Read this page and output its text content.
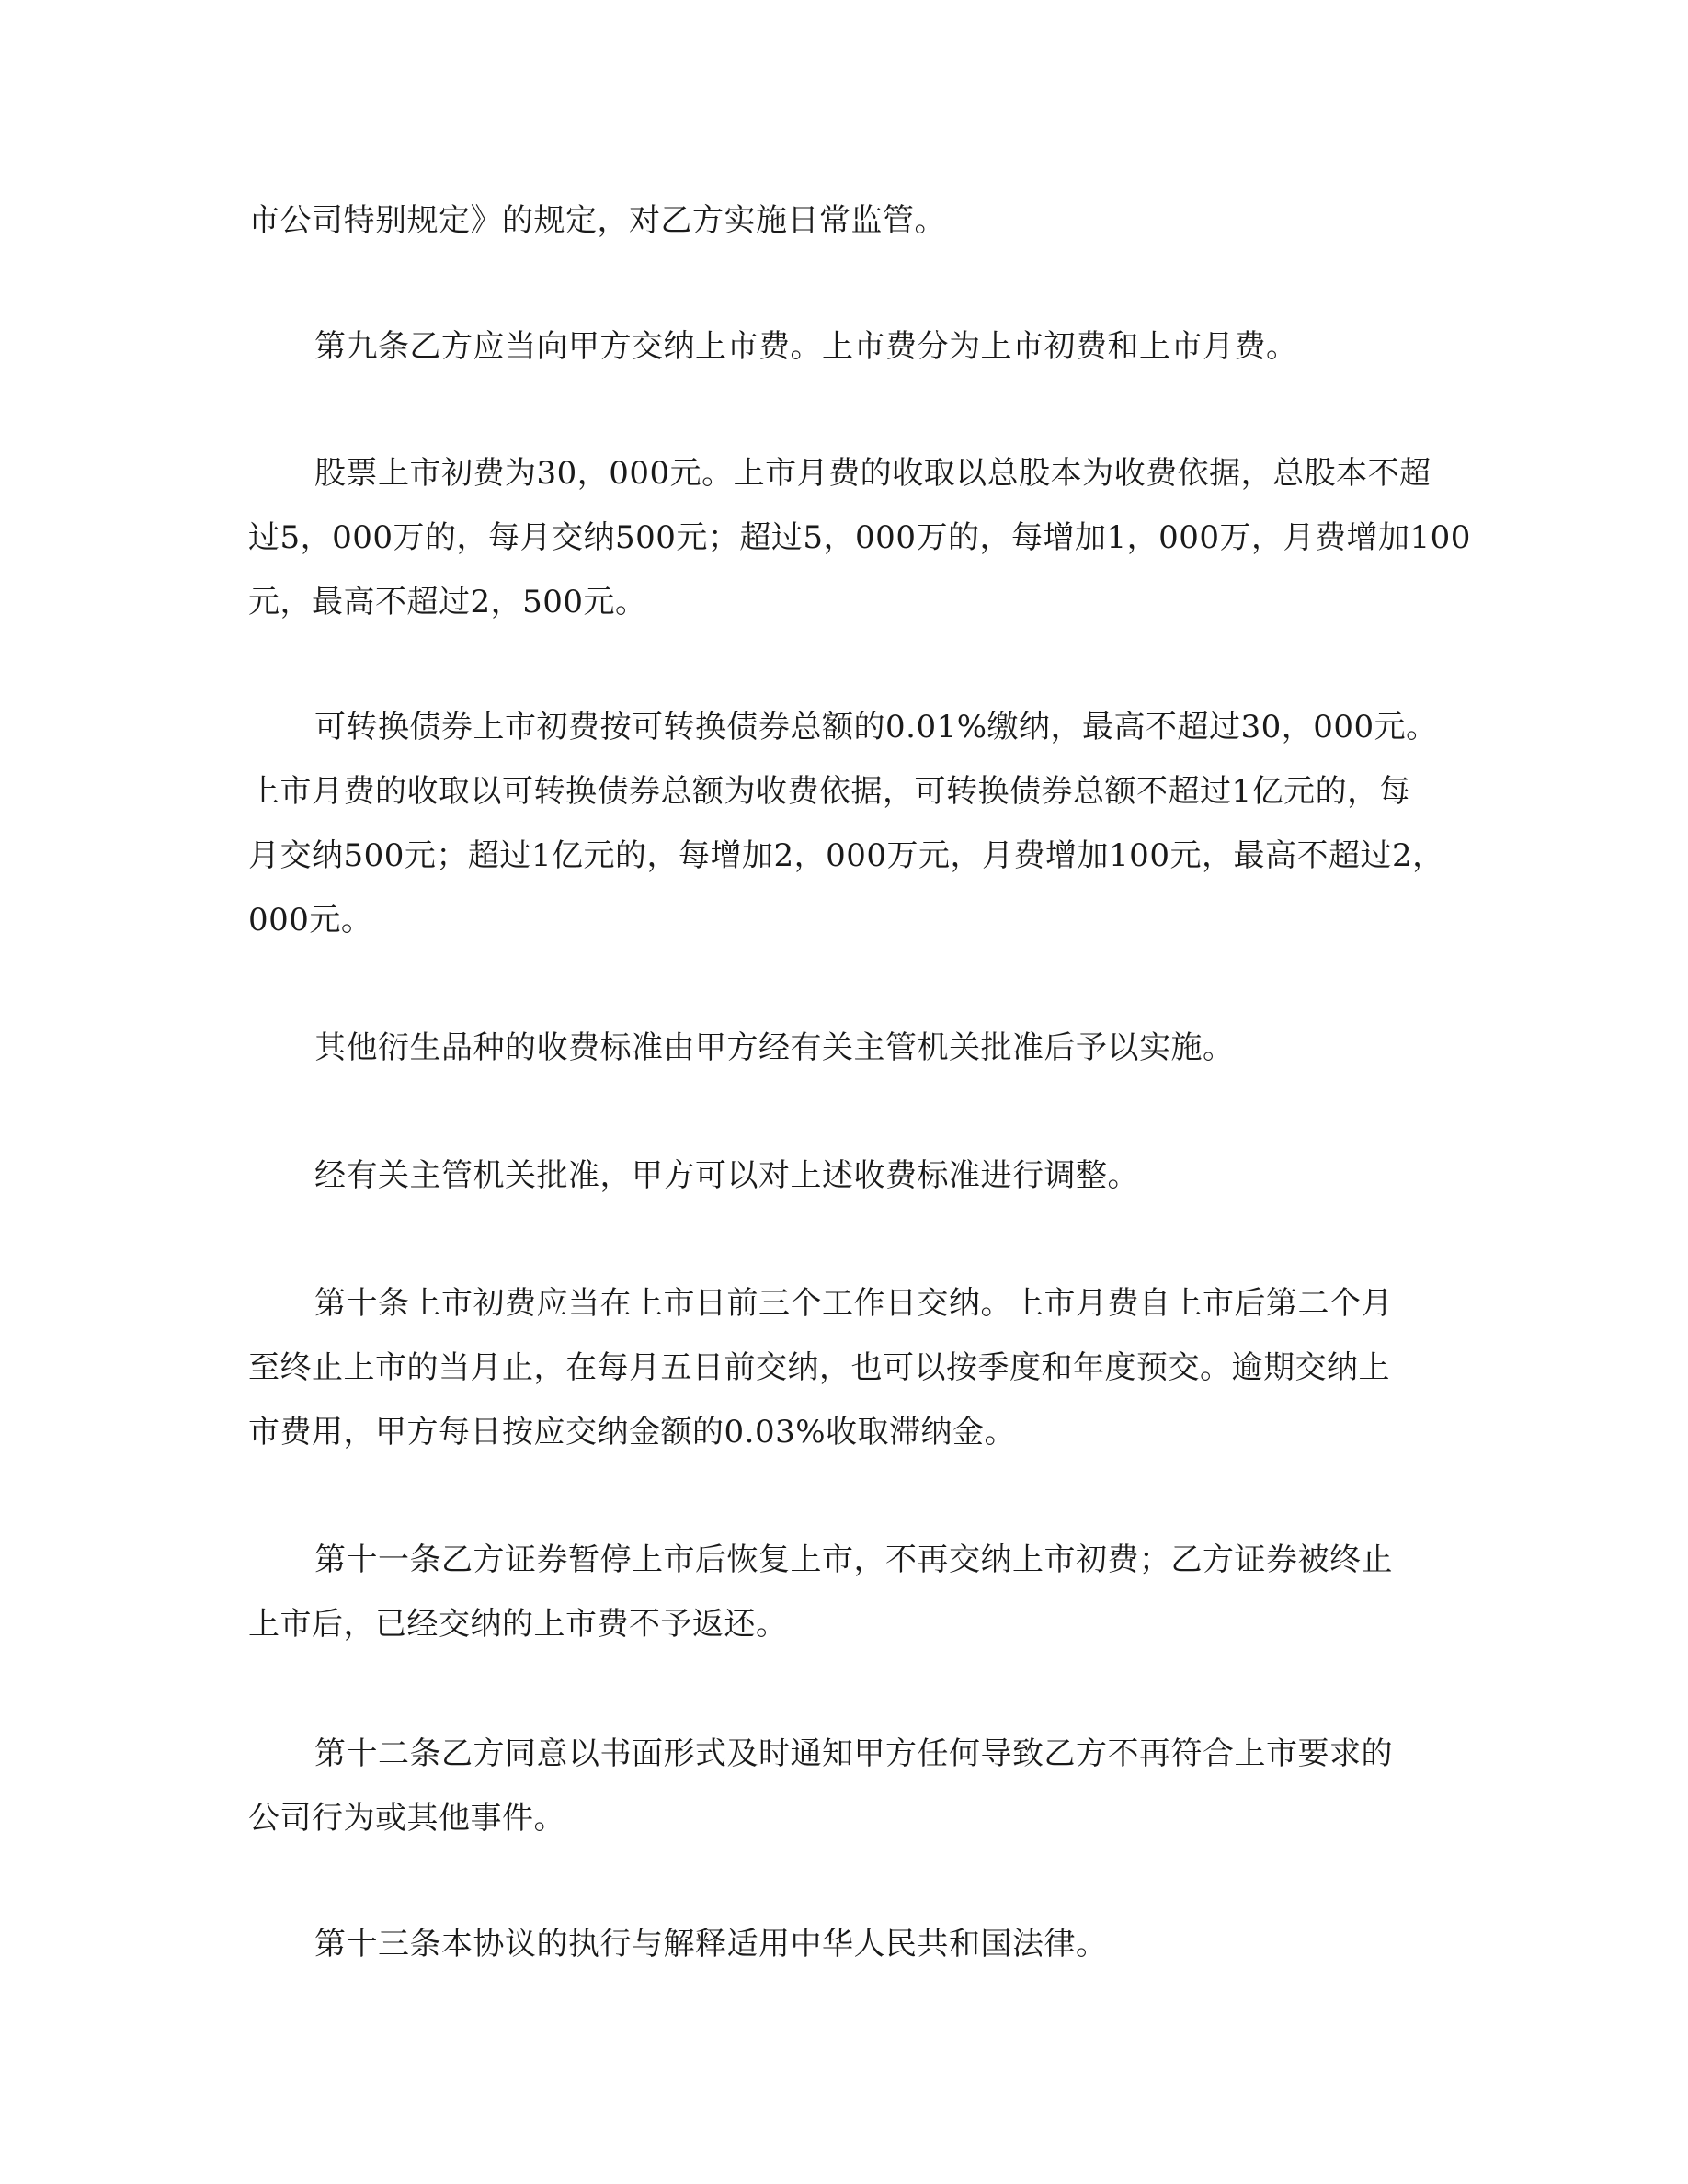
市公司特别规定》的规定，对乙方实施日常监管。

第九条乙方应当向甲方交纳上市费。上市费分为上市初费和上市月费。

股票上市初费为30，000元。上市月费的收取以总股本为收费依据，总股本不超
过5，000万的，每月交纳500元；超过5，000万的，每增加1，000万，月费增加100
元，最高不超过2，500元。

可转换债券上市初费按可转换债券总额的0.01%缴纳，最高不超过30，000元。
上市月费的收取以可转换债券总额为收费依据，可转换债券总额不超过1亿元的，每
月交纳500元；超过1亿元的，每增加2，000万元，月费增加100元，最高不超过2，
000元。

其他衍生品种的收费标准由甲方经有关主管机关批准后予以实施。

经有关主管机关批准，甲方可以对上述收费标准进行调整。

第十条上市初费应当在上市日前三个工作日交纳。上市月费自上市后第二个月
至终止上市的当月止，在每月五日前交纳，也可以按季度和年度预交。逾期交纳上
市费用，甲方每日按应交纳金额的0.03%收取滞纳金。

第十一条乙方证券暂停上市后恢复上市，不再交纳上市初费；乙方证券被终止
上市后，已经交纳的上市费不予返还。

第十二条乙方同意以书面形式及时通知甲方任何导致乙方不再符合上市要求的
公司行为或其他事件。

第十三条本协议的执行与解释适用中华人民共和国法律。
